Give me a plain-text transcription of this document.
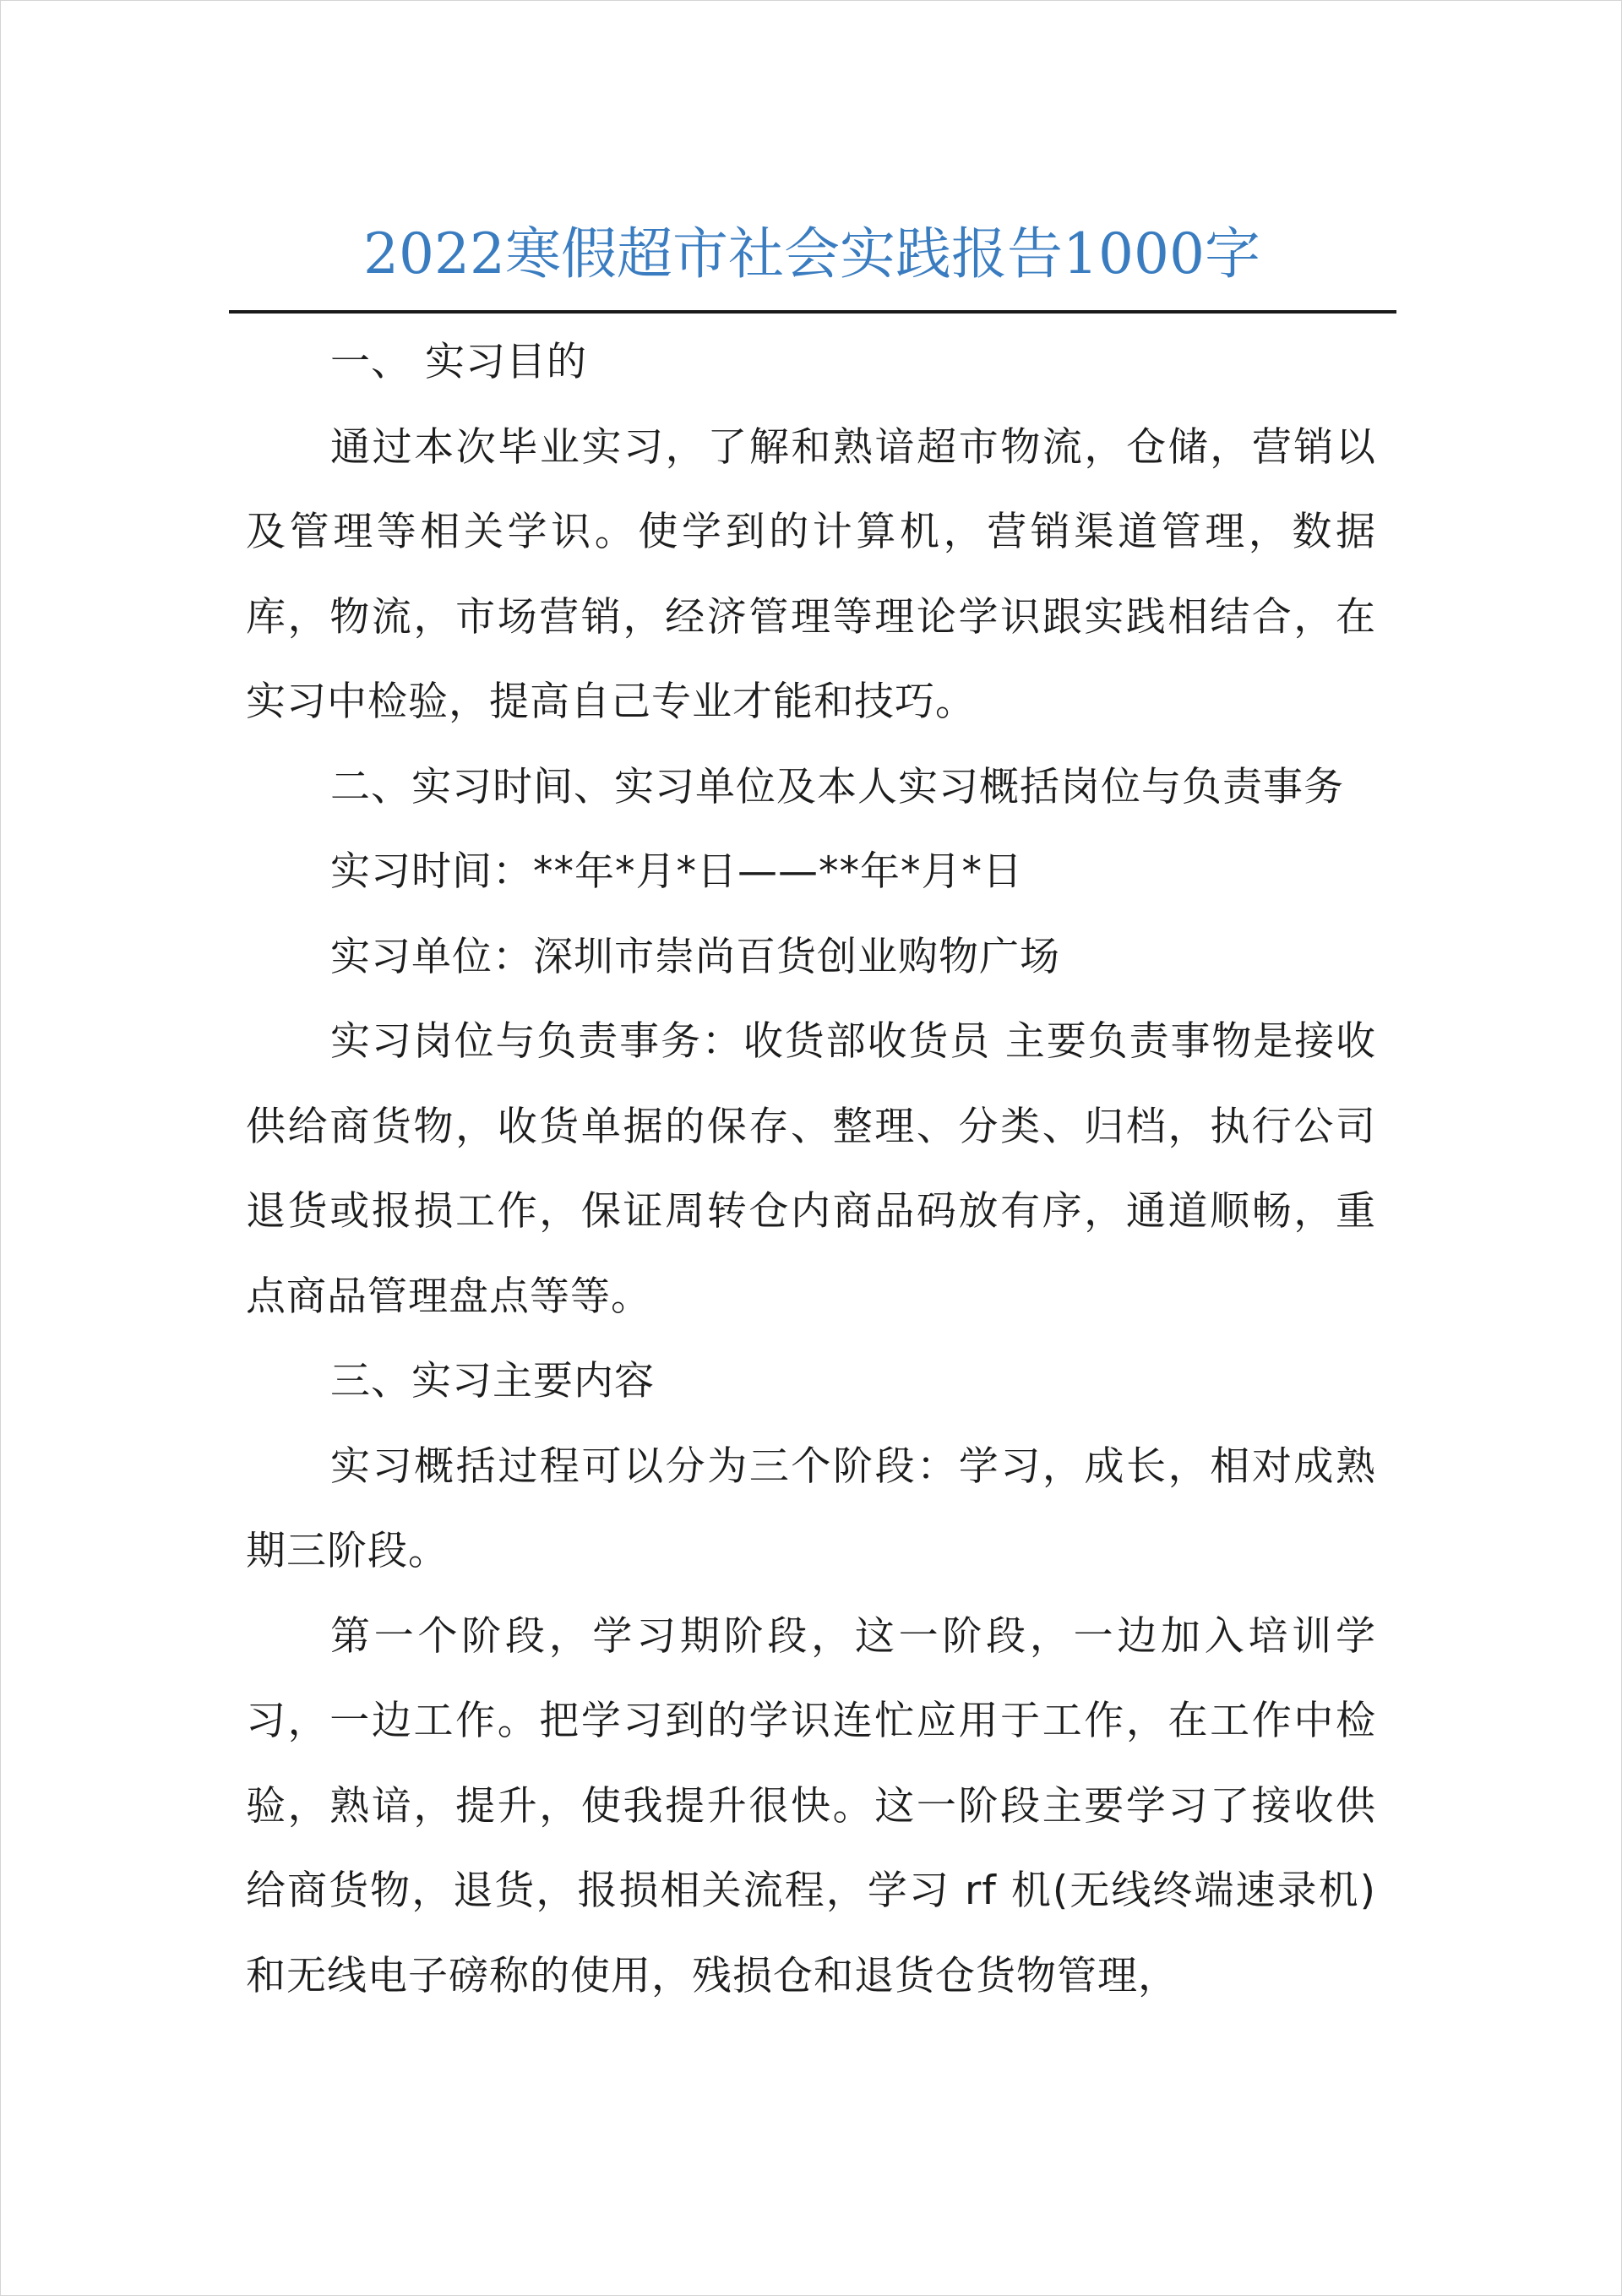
2022寒假超市社会实践报告1000字

一、 实习目的

通过本次毕业实习，了解和熟谙超市物流，仓储，营销以及管理等相关学识。使学到的计算机，营销渠道管理，数据库，物流，市场营销，经济管理等理论学识跟实践相结合，在实习中检验，提高自己专业才能和技巧。

二、实习时间、实习单位及本人实习概括岗位与负责事务

实习时间：**年*月*日——**年*月*日

实习单位：深圳市崇尚百货创业购物广场

实习岗位与负责事务：收货部收货员 主要负责事物是接收供给商货物，收货单据的保存、整理、分类、归档，执行公司退货或报损工作，保证周转仓内商品码放有序，通道顺畅，重点商品管理盘点等等。

三、实习主要内容

实习概括过程可以分为三个阶段：学习，成长，相对成熟期三阶段。

第一个阶段，学习期阶段，这一阶段，一边加入培训学习，一边工作。把学习到的学识连忙应用于工作，在工作中检验，熟谙，提升，使我提升很快。这一阶段主要学习了接收供给商货物，退货，报损相关流程，学习 rf 机(无线终端速录机)和无线电子磅称的使用，残损仓和退货仓货物管理，
